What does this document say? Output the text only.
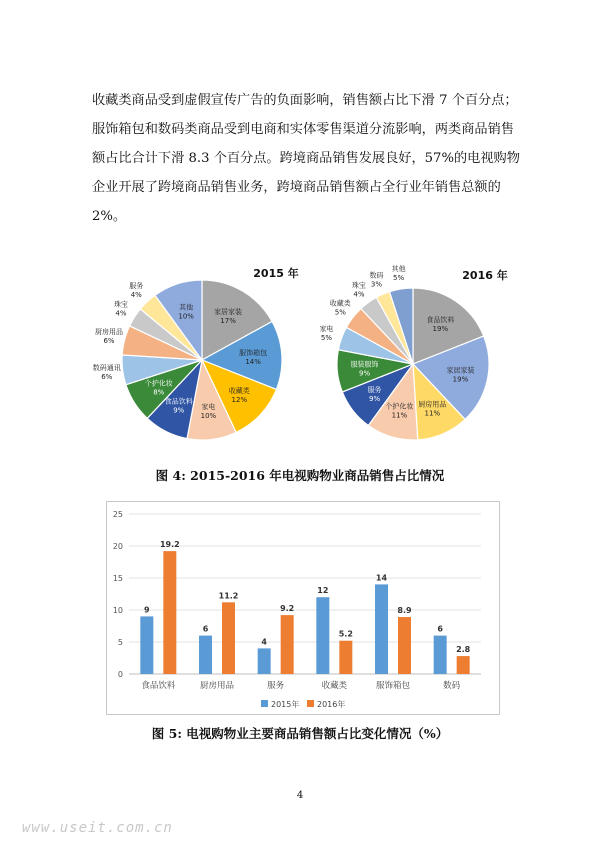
收藏类商品受到虚假宣传广告的负面影响，销售额占比下滑 7 个百分点；服饰箱包和数码类商品受到电商和实体零售渠道分流影响，两类商品销售额占比合计下滑 8.3 个百分点。跨境商品销售发展良好，57%的电视购物企业开展了跨境商品销售业务，跨境商品销售额占全行业年销售总额的 2%。

家居家装
17%
服饰箱包
14%
收藏类
12%
家电
10%
食品饮料
9%
个护化妆
8%
数码通讯
6%
厨房用品
6%
珠宝
4%
服务
4%
其他
10%
2015 年
食品饮料
19%
家居家装
19%
厨房用品
11%
个护化妆
11%
服务
9%
服装服饰
9%
家电
5%
收藏类
5%
珠宝
4%
数码
3%
其他
5%	2016 年
图 4: 2015-2016 年电视购物业商品销售占比情况
0
5
10
15
20
25
9
19.2
食品饮料
6
11.2
厨房用品
4
9.2
服务
12
5.2
收藏类
14
8.9
服饰箱包
6
2.8
数码
2015年 2016年
图 5: 电视购物业主要商品销售额占比变化情况（%）
4
www.useit.com.cn
